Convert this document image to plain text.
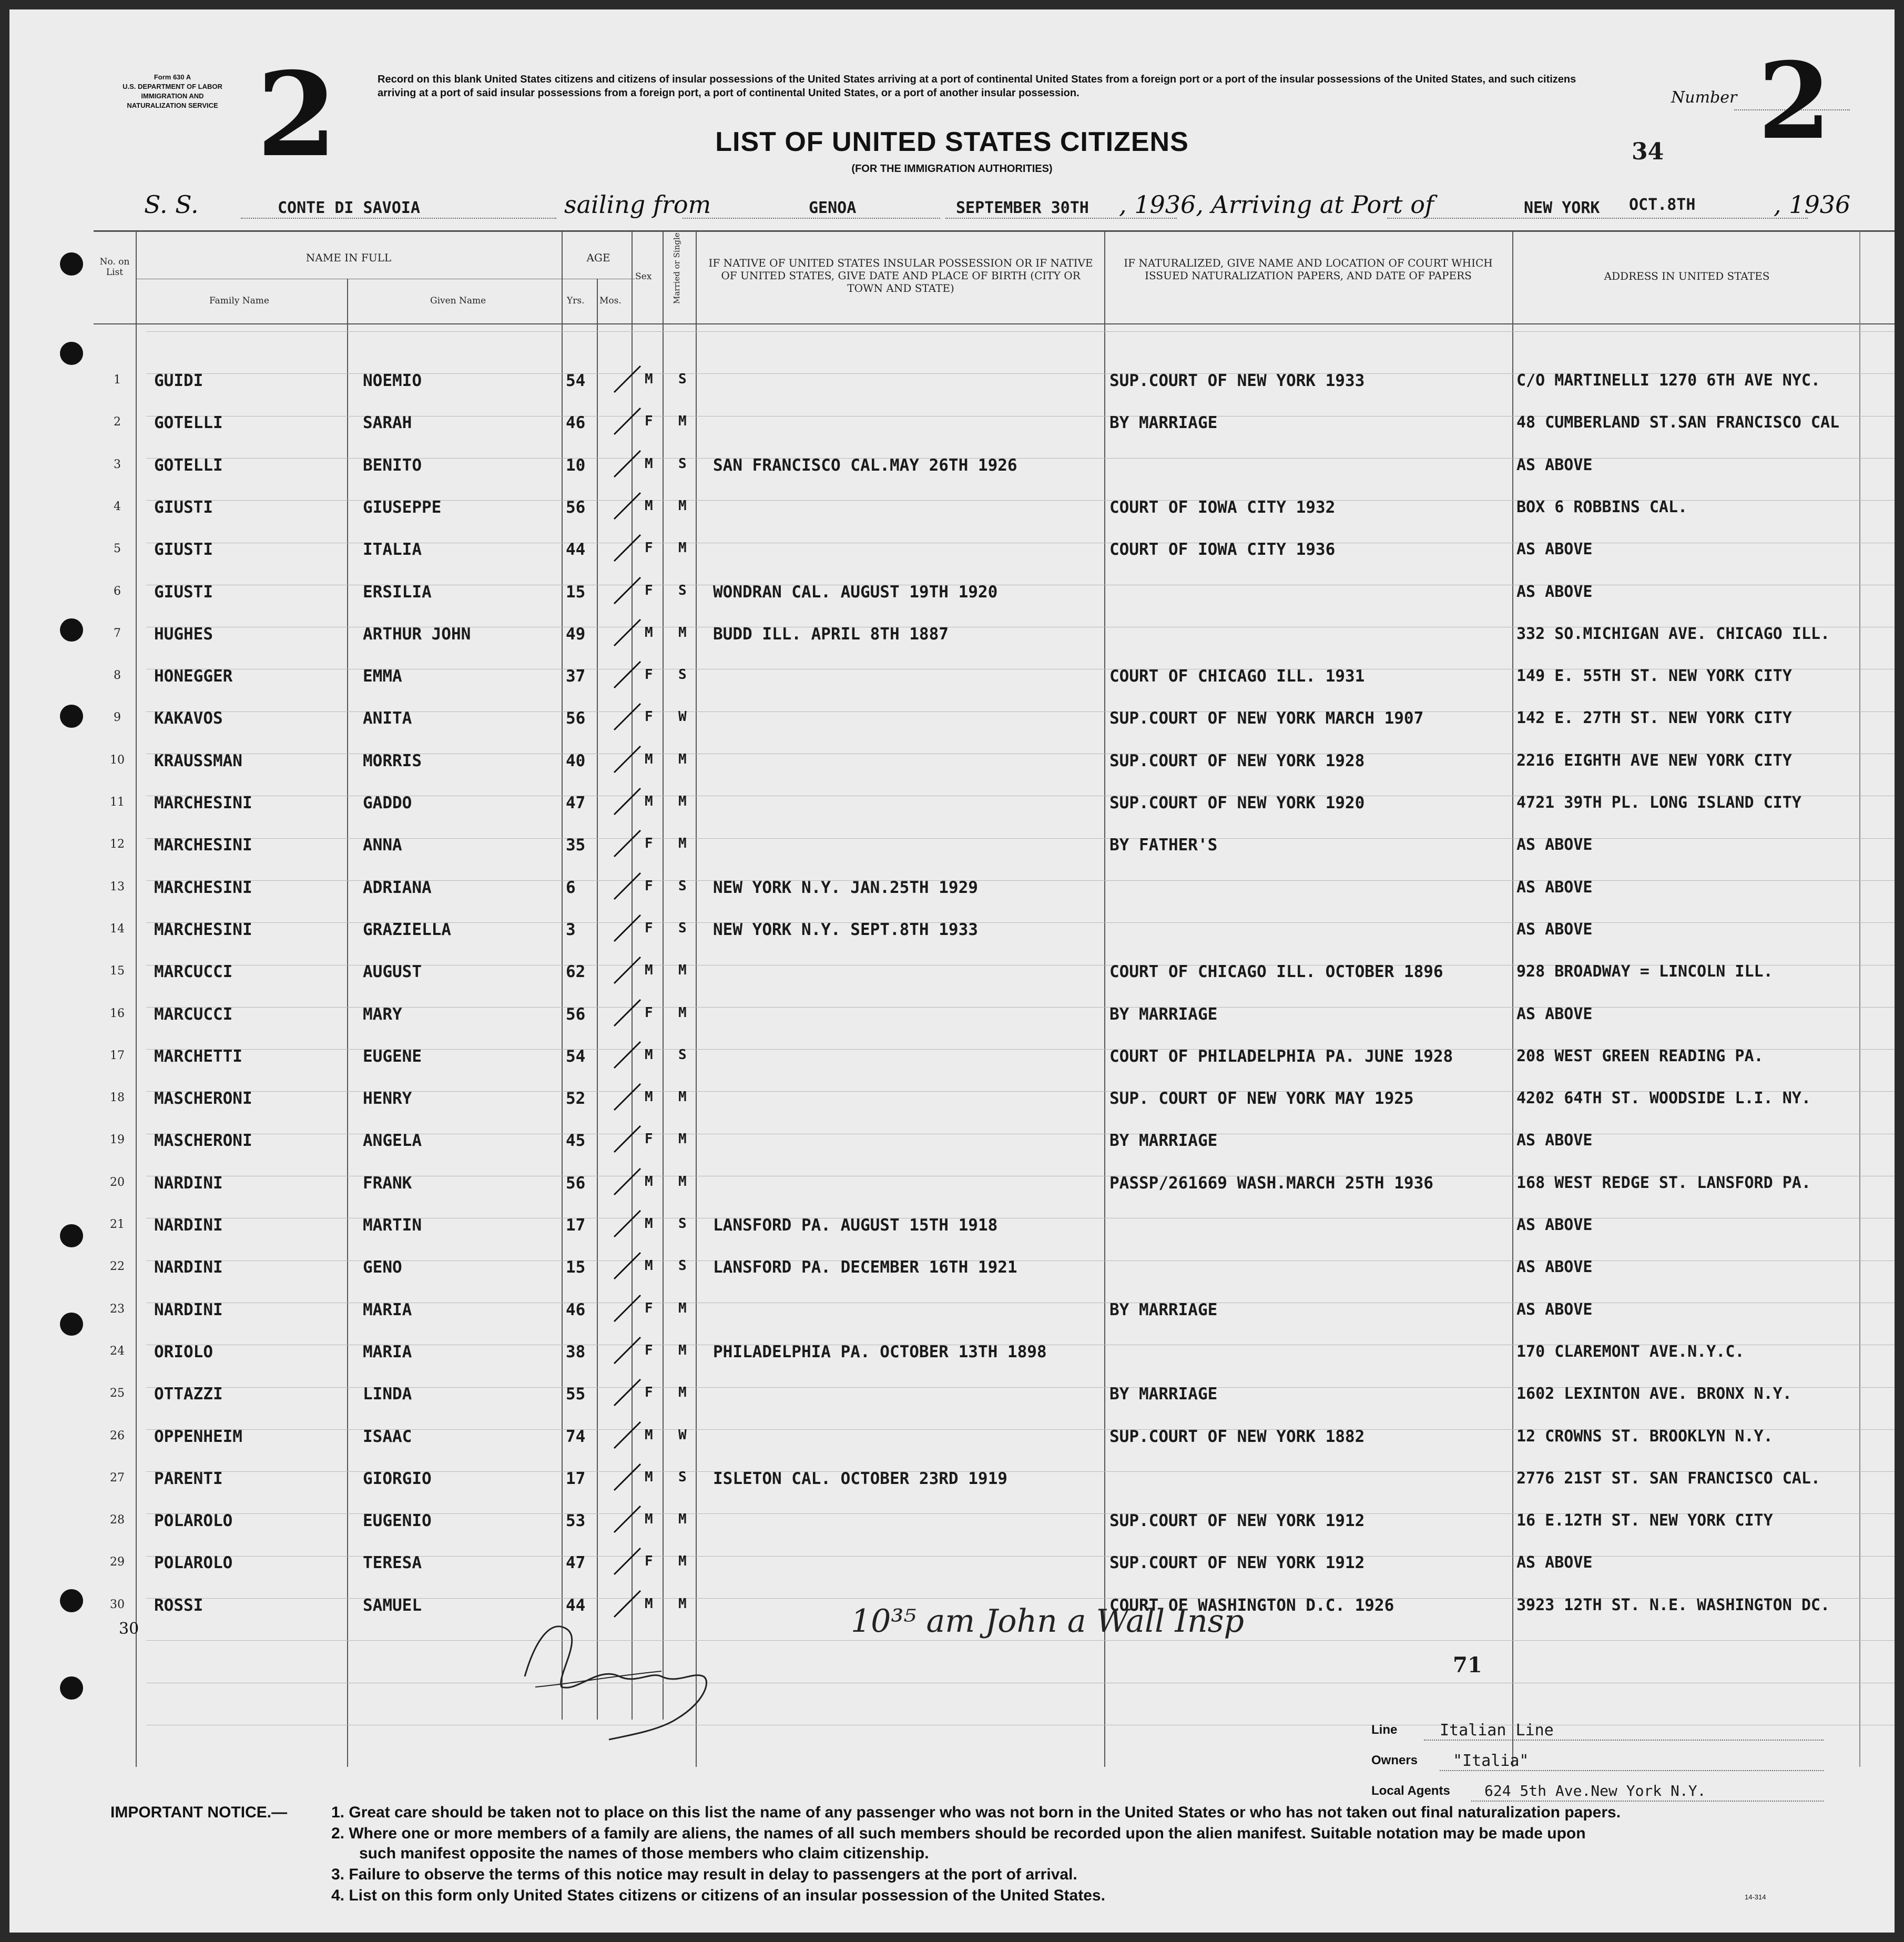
Form 630 A
U.S. DEPARTMENT OF LABOR
IMMIGRATION AND
NATURALIZATION SERVICE 2	Record on this blank United States citizens and citizens of insular possessions of the United States arriving at a port of continental United States from a foreign port or a port of the insular possessions of the United States, and such citizens arriving at a port of said insular possessions from a foreign port, a port of continental United States, or a port of another insular possession.
LIST OF UNITED STATES CITIZENS
(FOR THE IMMIGRATION AUTHORITIES)
Number 2
34
S. S.	CONTE DI SAVOIA	sailing from	GENOA	SEPTEMBER 30TH , 1936, Arriving at Port of	NEW YORK OCT.8TH	, 1936
No. on List
NAME IN FULL
Family Name	Given Name
AGE
Yrs. Mos.
Sex	Married or Single	IF NATIVE OF UNITED STATES INSULAR POSSESSION OR IF NATIVE OF UNITED STATES, GIVE DATE AND PLACE OF BIRTH (CITY OR TOWN AND STATE)
IF NATURALIZED, GIVE NAME AND LOCATION OF COURT WHICH ISSUED NATURALIZATION PAPERS, AND DATE OF PAPERS	ADDRESS IN UNITED STATES
1	GUIDI	NOEMIO	54	M S	SUP.COURT OF NEW YORK 1933	C/O MARTINELLI 1270 6TH AVE NYC.
2	GOTELLI	SARAH	46	F M	BY MARRIAGE	48 CUMBERLAND ST.SAN FRANCISCO CAL
3	GOTELLI	BENITO	10	M S SAN FRANCISCO CAL.MAY 26TH 1926	AS ABOVE
4	GIUSTI	GIUSEPPE	56	M M	COURT OF IOWA CITY 1932	BOX 6 ROBBINS CAL.
5	GIUSTI	ITALIA	44	F M	COURT OF IOWA CITY 1936	AS ABOVE
6	GIUSTI	ERSILIA	15	F S WONDRAN CAL. AUGUST 19TH 1920	AS ABOVE
7	HUGHES	ARTHUR JOHN	49	M M BUDD ILL. APRIL 8TH 1887	332 SO.MICHIGAN AVE. CHICAGO ILL.
8	HONEGGER	EMMA	37	F S	COURT OF CHICAGO ILL. 1931	149 E. 55TH ST. NEW YORK CITY
9	KAKAVOS	ANITA	56	F W	SUP.COURT OF NEW YORK MARCH 1907	142 E. 27TH ST. NEW YORK CITY
10	KRAUSSMAN	MORRIS	40	M M	SUP.COURT OF NEW YORK 1928	2216 EIGHTH AVE NEW YORK CITY
11	MARCHESINI	GADDO	47	M M	SUP.COURT OF NEW YORK 1920	4721 39TH PL. LONG ISLAND CITY
12	MARCHESINI	ANNA	35	F M	BY FATHER'S	AS ABOVE
13	MARCHESINI	ADRIANA	6	F S NEW YORK N.Y. JAN.25TH 1929	AS ABOVE
14	MARCHESINI	GRAZIELLA	3	F S NEW YORK N.Y. SEPT.8TH 1933	AS ABOVE
15	MARCUCCI	AUGUST	62	M M	COURT OF CHICAGO ILL. OCTOBER 1896	928 BROADWAY = LINCOLN ILL.
16	MARCUCCI	MARY	56	F M	BY MARRIAGE	AS ABOVE
17	MARCHETTI	EUGENE	54	M S	COURT OF PHILADELPHIA PA. JUNE 1928	208 WEST GREEN READING PA.
18	MASCHERONI	HENRY	52	M M	SUP. COURT OF NEW YORK MAY 1925	4202 64TH ST. WOODSIDE L.I. NY.
19	MASCHERONI	ANGELA	45	F M	BY MARRIAGE	AS ABOVE
20	NARDINI	FRANK	56	M M	PASSP/261669 WASH.MARCH 25TH 1936	168 WEST REDGE ST. LANSFORD PA.
21	NARDINI	MARTIN	17	M S LANSFORD PA. AUGUST 15TH 1918	AS ABOVE
22	NARDINI	GENO	15	M S LANSFORD PA. DECEMBER 16TH 1921	AS ABOVE
23	NARDINI	MARIA	46	F M	BY MARRIAGE	AS ABOVE
24	ORIOLO	MARIA	38	F M PHILADELPHIA PA. OCTOBER 13TH 1898	170 CLAREMONT AVE.N.Y.C.
25	OTTAZZI	LINDA	55	F M	BY MARRIAGE	1602 LEXINTON AVE. BRONX N.Y.
26	OPPENHEIM	ISAAC	74	M W	SUP.COURT OF NEW YORK 1882	12 CROWNS ST. BROOKLYN N.Y.
27	PARENTI	GIORGIO	17	M S ISLETON CAL. OCTOBER 23RD 1919	2776 21ST ST. SAN FRANCISCO CAL.
28	POLAROLO	EUGENIO	53	M M	SUP.COURT OF NEW YORK 1912	16 E.12TH ST. NEW YORK CITY
29	POLAROLO	TERESA	47	F M	SUP.COURT OF NEW YORK 1912	AS ABOVE
30	ROSSI	SAMUEL	44	M M	COURT OF WASHINGTON D.C. 1926	3923 12TH ST. N.E. WASHINGTON DC.
30	10³⁵ am John a Wall Insp
71
Line	Italian Line
Owners "Italia"
Local Agents 624 5th Ave.New York N.Y.
IMPORTANT NOTICE.—	1. Great care should be taken not to place on this list the name of any passenger who was not born in the United States or who has not taken out final naturalization papers.
2. Where one or more members of a family are aliens, the names of all such members should be recorded upon the alien manifest. Suitable notation may be made upon
such manifest opposite the names of those members who claim citizenship.
3. Failure to observe the terms of this notice may result in delay to passengers at the port of arrival.
4. List on this form only United States citizens or citizens of an insular possession of the United States.	14-314
